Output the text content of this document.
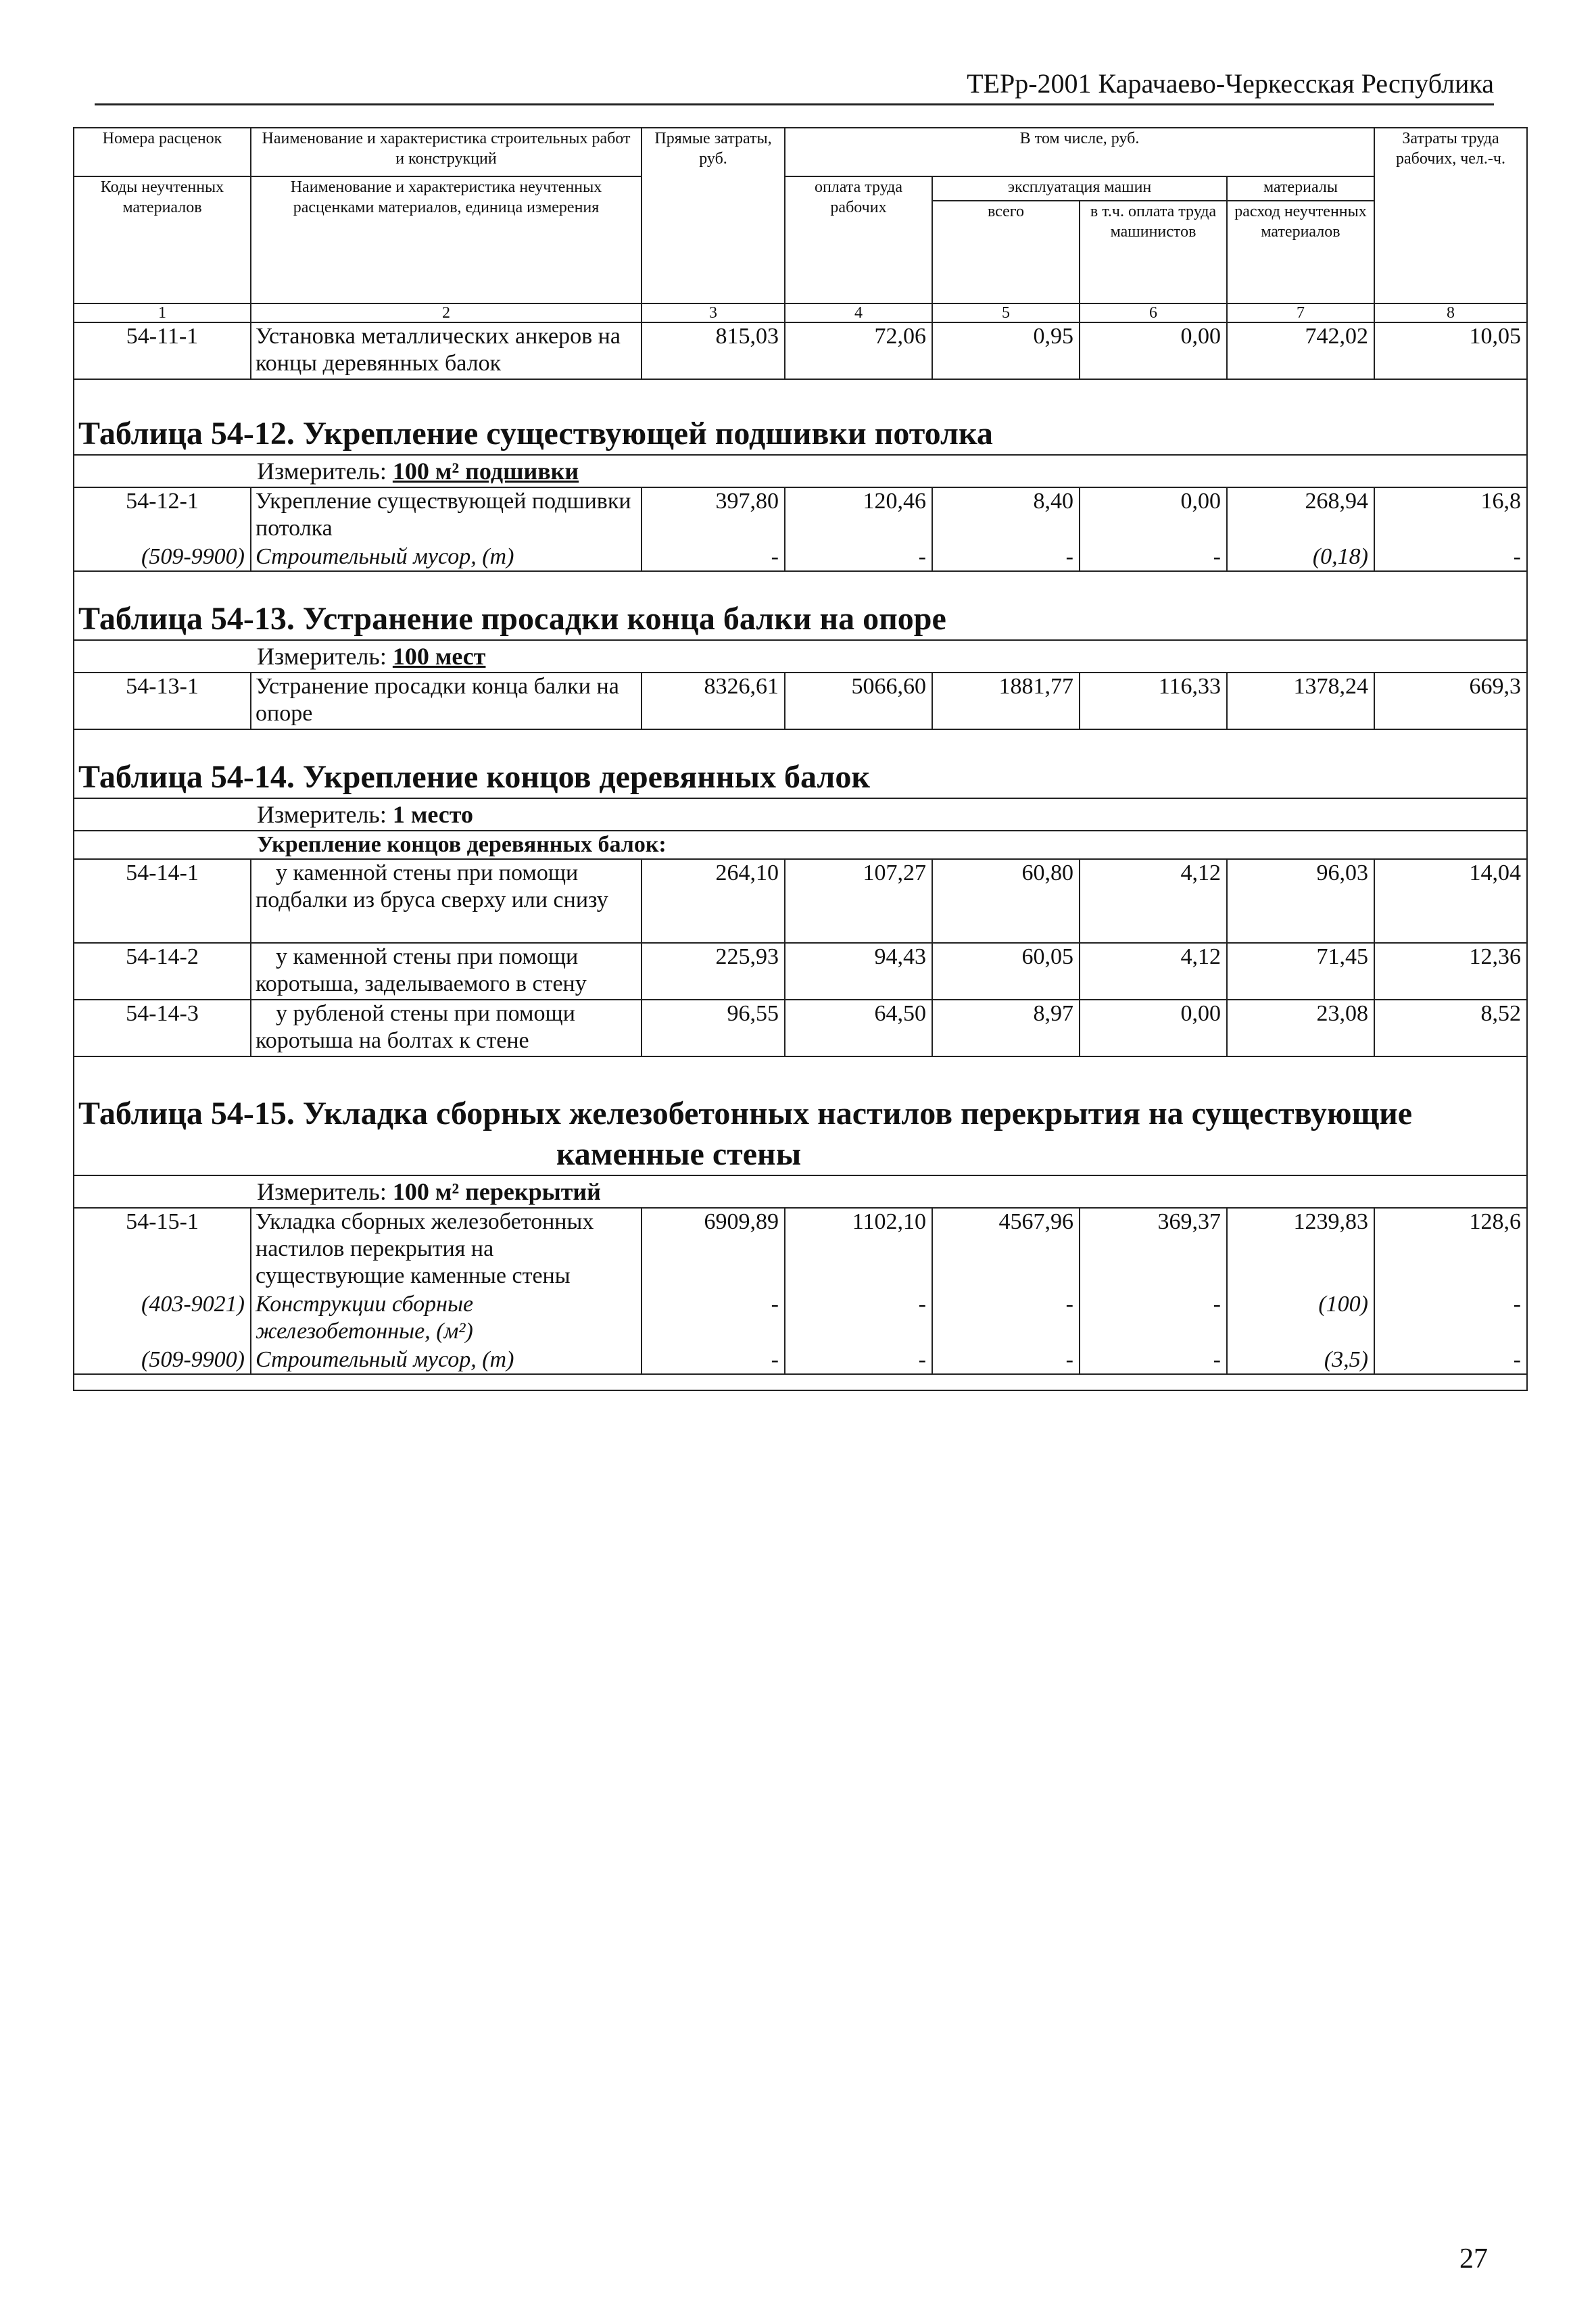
ТЕРр-2001 Карачаево-Черкесская Республика
Номера расценок	Наименование и характеристика строительных работ и конструкций	Прямые затраты, руб.	В том числе, руб.				Затраты труда рабочих, чел.-ч.
Коды неучтенных материалов	Наименование и характеристика неучтенных расценками материалов, единица измерения		оплата труда рабочих	эксплуатация машин		материалы	
				всего	в т.ч. оплата труда машинистов	расход неучтенных материалов	

1	2	3	4	5	6	7	8
54-11-1	Установка металлических анкеров на концы деревянных балок	815,03	72,06	0,95	0,00	742,02	10,05
Таблица 54-12. Укрепление существующей подшивки потолка							
Измеритель: 100 м² подшивки							
54-12-1	Укрепление существующей подшивки потолка	397,80	120,46	8,40	0,00	268,94	16,8
(509-9900)	Строительный мусор, (т)	-	-	-	-	(0,18)	-
Таблица 54-13. Устранение просадки конца балки на опоре							
Измеритель: 100 мест							
54-13-1	Устранение просадки конца балки на опоре	8326,61	5066,60	1881,77	116,33	1378,24	669,3
Таблица 54-14. Укрепление концов деревянных балок							
Измеритель: 1 место							
Укрепление концов деревянных балок:							
54-14-1	у каменной стены при помощи подбалки из бруса сверху или снизу	264,10	107,27	60,80	4,12	96,03	14,04
54-14-2	у каменной стены при помощи коротыша, заделываемого в стену	225,93	94,43	60,05	4,12	71,45	12,36
54-14-3	у рубленой стены при помощи коротыша на болтах к стене	96,55	64,50	8,97	0,00	23,08	8,52
Таблица 54-15. Укладка сборных железобетонных настилов перекрытия на существующие
каменные стены							

Измеритель: 100 м² перекрытий							
54-15-1	Укладка сборных железобетонных настилов перекрытия на существующие каменные стены	6909,89	1102,10	4567,96	369,37	1239,83	128,6
(403-9021)	Конструкции сборные железобетонные, (м²)	-	-	-	-	(100)	-
(509-9900)	Строительный мусор, (т)	-	-	-	-	(3,5)	-

27
